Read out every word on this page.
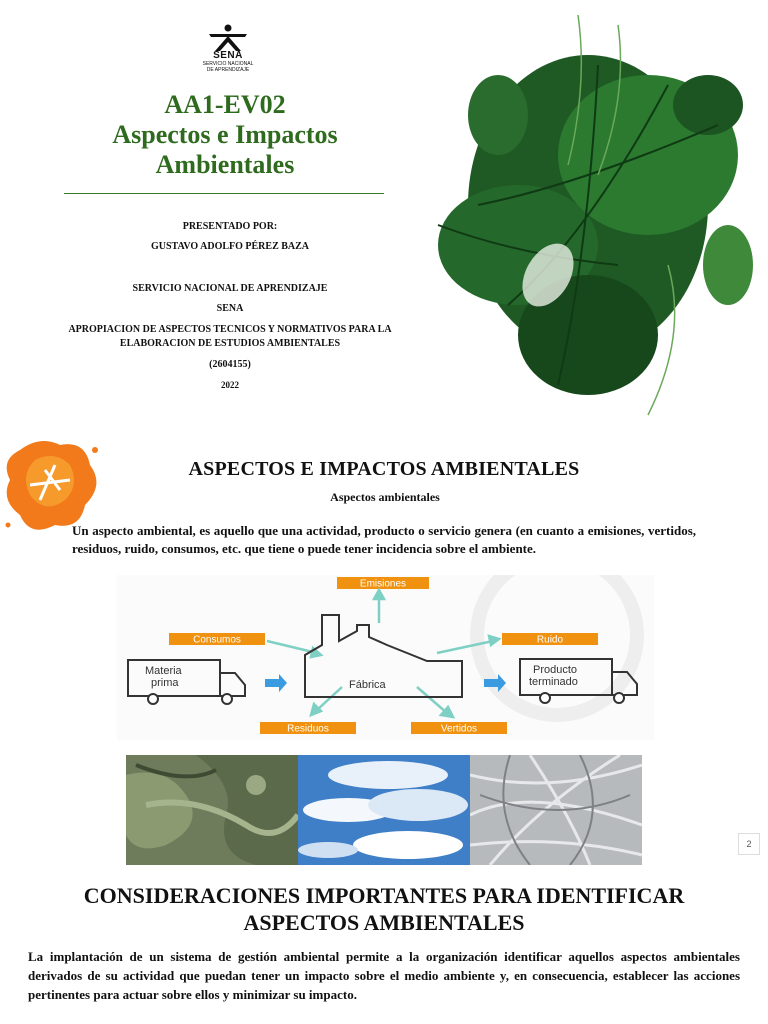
SENA
SERVICIO NACIONAL
DE APRENDIZAJE
AA1-EV02
Aspectos e Impactos
Ambientales
PRESENTADO POR:
GUSTAVO ADOLFO PÉREZ BAZA
SERVICIO NACIONAL DE APRENDIZAJE
SENA
APROPIACION DE ASPECTOS TECNICOS Y NORMATIVOS PARA LA
ELABORACION DE ESTUDIOS AMBIENTALES
(2604155)
2022
ASPECTOS E IMPACTOS AMBIENTALES
Aspectos ambientales

Un aspecto ambiental, es aquello que una actividad, producto o servicio genera (en cuanto a emisiones, vertidos, residuos, ruido, consumos, etc. que tiene o puede tener incidencia sobre el ambiente.

Emisiones
Consumos	Ruido
Residuos	Vertidos
Materia
prima	Fábrica
Producto
terminado
2
CONSIDERACIONES IMPORTANTES PARA IDENTIFICAR
ASPECTOS AMBIENTALES

La implantación de un sistema de gestión ambiental permite a la organización identificar aquellos aspectos ambientales derivados de su actividad que puedan tener un impacto sobre el medio ambiente y, en consecuencia, establecer las acciones pertinentes para actuar sobre ellos y minimizar su impacto.
